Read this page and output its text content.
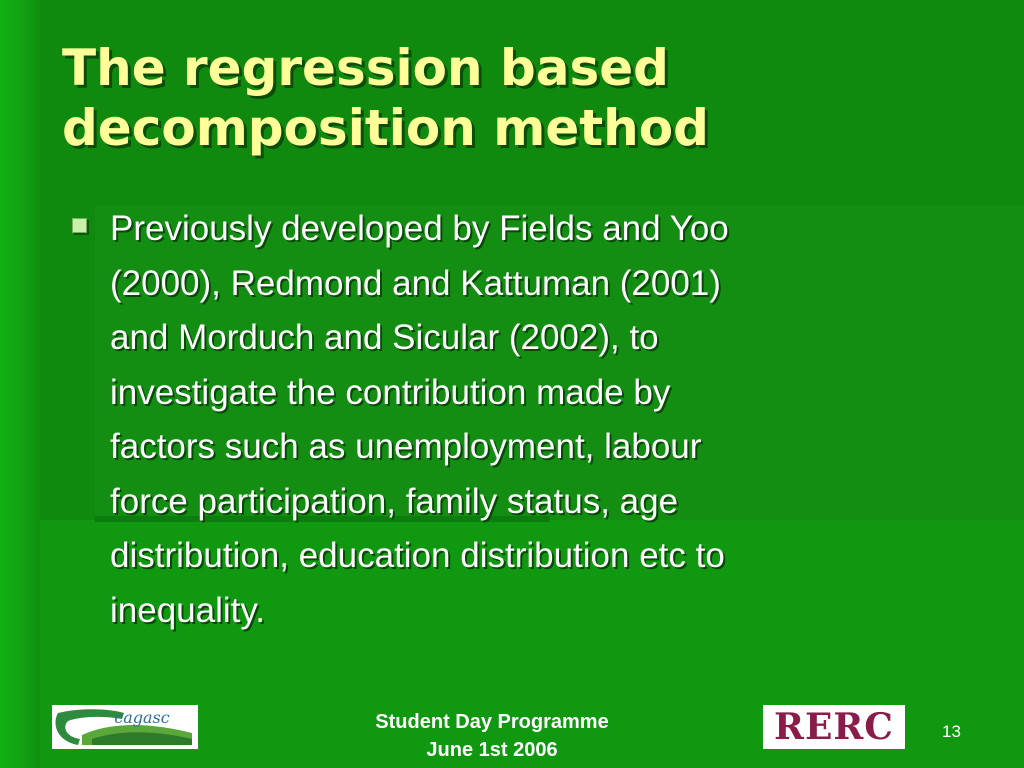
The regression based
decomposition method
Previously developed by Fields and Yoo
(2000), Redmond and Kattuman (2001)
and Morduch and Sicular (2002), to
investigate the contribution made by
factors such as unemployment, labour
force participation, family status, age
distribution, education distribution etc to
inequality.
cagasc	Student Day Programme
June 1st 2006
RERC	13
